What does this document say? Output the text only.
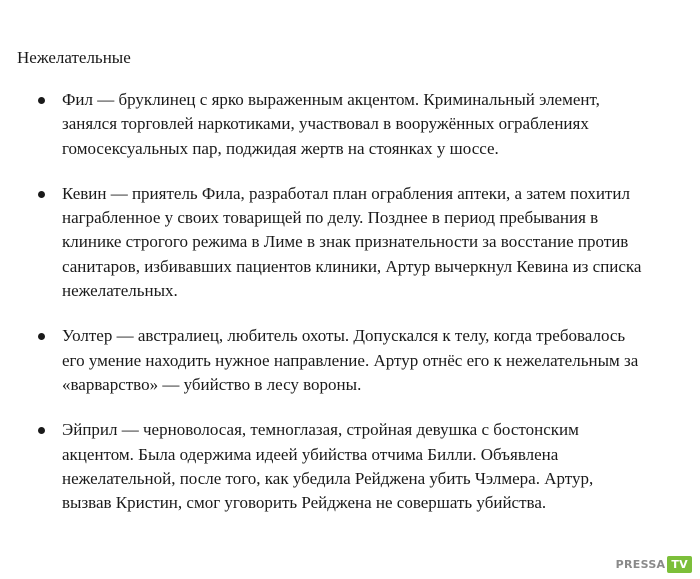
Нежелательные
Фил — бруклинец с ярко выраженным акцентом. Криминальный элемент, занялся торговлей наркотиками, участвовал в вооружённых ограблениях гомосексуальных пар, поджидая жертв на стоянках у шоссе.
Кевин — приятель Фила, разработал план ограбления аптеки, а затем похитил награбленное у своих товарищей по делу. Позднее в период пребывания в клинике строгого режима в Лиме в знак признательности за восстание против санитаров, избивавших пациентов клиники, Артур вычеркнул Кевина из списка нежелательных.
Уолтер — австралиец, любитель охоты. Допускался к телу, когда требовалось его умение находить нужное направление. Артур отнёс его к нежелательным за «варварство» — убийство в лесу вороны.
Эйприл — черноволосая, темноглазая, стройная девушка с бостонским акцентом. Была одержима идеей убийства отчима Билли. Объявлена нежелательной, после того, как убедила Рейджена убить Чэлмера. Артур, вызвав Кристин, смог уговорить Рейджена не совершать убийства.
PRESSA TV
